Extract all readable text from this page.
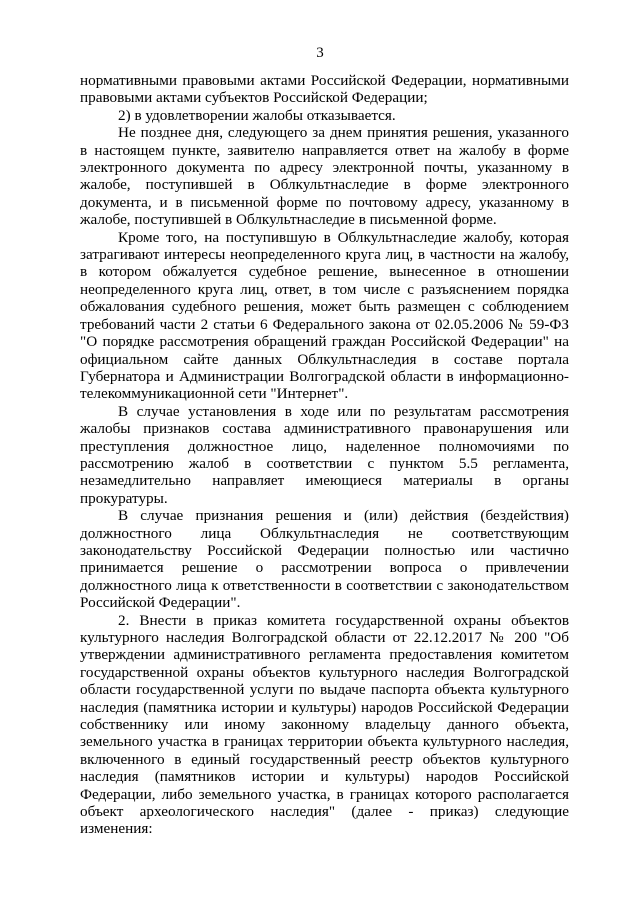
3

нормативными правовыми актами Российской Федерации, нормативными правовыми актами субъектов Российской Федерации;

2) в удовлетворении жалобы отказывается.

Не позднее дня, следующего за днем принятия решения, указанного в настоящем пункте, заявителю направляется ответ на жалобу в форме электронного документа по адресу электронной почты, указанному в жалобе, поступившей в Облкультнаследие в форме электронного документа, и в письменной форме по почтовому адресу, указанному в жалобе, поступившей в Облкультнаследие в письменной форме.

Кроме того, на поступившую в Облкультнаследие жалобу, которая затрагивают интересы неопределенного круга лиц, в частности на жалобу, в котором обжалуется судебное решение, вынесенное в отношении неопределенного круга лиц, ответ, в том числе с разъяснением порядка обжалования судебного решения, может быть размещен с соблюдением требований части 2 статьи 6 Федерального закона от 02.05.2006 № 59-ФЗ "О порядке рассмотрения обращений граждан Российской Федерации" на официальном сайте данных Облкультнаследия в составе портала Губернатора и Администрации Волгоградской области в информационно-телекоммуникационной сети "Интернет".

В случае установления в ходе или по результатам рассмотрения жалобы признаков состава административного правонарушения или преступления должностное лицо, наделенное полномочиями по рассмотрению жалоб в соответствии с пунктом 5.5 регламента, незамедлительно направляет имеющиеся материалы в органы прокуратуры.

В случае признания решения и (или) действия (бездействия) должностного лица Облкультнаследия не соответствующим законодательству Российской Федерации полностью или частично принимается решение о рассмотрении вопроса о привлечении должностного лица к ответственности в соответствии с законодательством Российской Федерации".

2. Внести в приказ комитета государственной охраны объектов культурного наследия Волгоградской области от 22.12.2017 № 200 "Об утверждении административного регламента предоставления комитетом государственной охраны объектов культурного наследия Волгоградской области государственной услуги по выдаче паспорта объекта культурного наследия (памятника истории и культуры) народов Российской Федерации собственнику или иному законному владельцу данного объекта, земельного участка в границах территории объекта культурного наследия, включенного в единый государственный реестр объектов культурного наследия (памятников истории и культуры) народов Российской Федерации, либо земельного участка, в границах которого располагается объект археологического наследия" (далее - приказ) следующие изменения:
